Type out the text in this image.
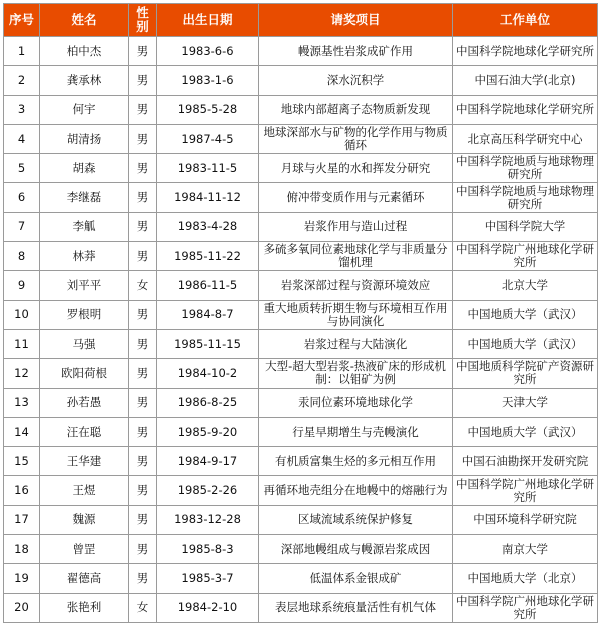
序号	姓名	性别	出生日期	请奖项目	工作单位
1	柏中杰	男	1983-6-6	幔源基性岩浆成矿作用	中国科学院地球化学研究所
2	龚承林	男	1983-1-6	深水沉积学	中国石油大学(北京)
3	何宇	男	1985-5-28	地球内部超离子态物质新发现	中国科学院地球化学研究所
4	胡清扬	男	1987-4-5	地球深部水与矿物的化学作用与物质循环	北京高压科学研究中心
5	胡森	男	1983-11-5	月球与火星的水和挥发分研究	中国科学院地质与地球物理研究所
6	李继磊	男	1984-11-12	俯冲带变质作用与元素循环	中国科学院地质与地球物理研究所
7	李觚	男	1983-4-28	岩浆作用与造山过程	中国科学院大学
8	林莽	男	1985-11-22	多硫多氧同位素地球化学与非质量分馏机理	中国科学院广州地球化学研究所
9	刘平平	女	1986-11-5	岩浆深部过程与资源环境效应	北京大学
10	罗根明	男	1984-8-7	重大地质转折期生物与环境相互作用与协同演化	中国地质大学（武汉）
11	马强	男	1985-11-15	岩浆过程与大陆演化	中国地质大学（武汉）
12	欧阳荷根	男	1984-10-2	大型-超大型岩浆-热液矿床的形成机制：以钼矿为例	中国地质科学院矿产资源研究所
13	孙若愚	男	1986-8-25	汞同位素环境地球化学	天津大学
14	汪在聪	男	1985-9-20	行星早期增生与壳幔演化	中国地质大学（武汉）
15	王华建	男	1984-9-17	有机质富集生烃的多元相互作用	中国石油勘探开发研究院
16	王煜	男	1985-2-26	再循环地壳组分在地幔中的熔融行为	中国科学院广州地球化学研究所
17	魏源	男	1983-12-28	区域流域系统保护修复	中国环境科学研究院
18	曾罡	男	1985-8-3	深部地幔组成与幔源岩浆成因	南京大学
19	翟德高	男	1985-3-7	低温体系金银成矿	中国地质大学（北京）
20	张艳利	女	1984-2-10	表层地球系统痕量活性有机气体	中国科学院广州地球化学研究所
